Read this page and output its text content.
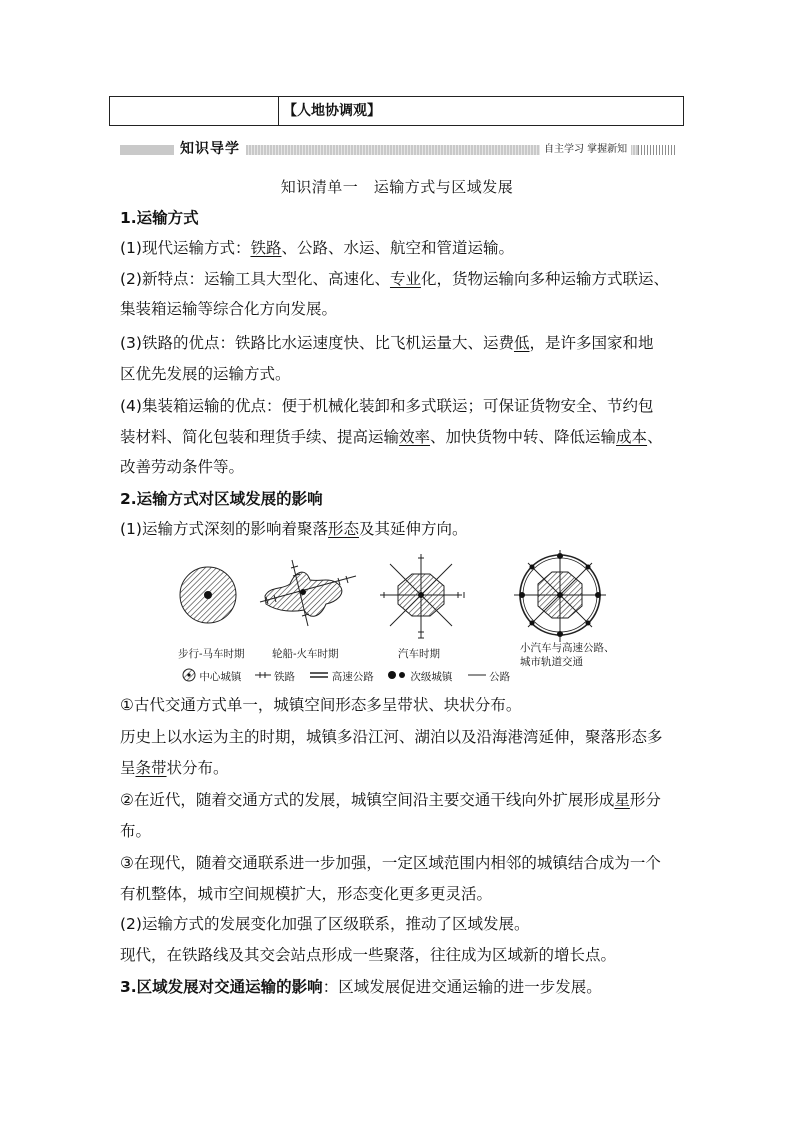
【人地协调观】
知识导学	自主学习 掌握新知
知识清单一　运输方式与区域发展
1.运输方式
(1)现代运输方式：铁路、公路、水运、航空和管道运输。
(2)新特点：运输工具大型化、高速化、专业化，货物运输向多种运输方式联运、
集装箱运输等综合化方向发展。
(3)铁路的优点：铁路比水运速度快、比飞机运量大、运费低，是许多国家和地
区优先发展的运输方式。
(4)集装箱运输的优点：便于机械化装卸和多式联运；可保证货物安全、节约包
装材料、简化包装和理货手续、提高运输效率、加快货物中转、降低运输成本、
改善劳动条件等。
2.运输方式对区域发展的影响
(1)运输方式深刻的影响着聚落形态及其延伸方向。
步行-马车时期	轮船-火车时期	汽车时期	小汽车与高速公路、
城市轨道交通
中心城镇	铁路	高速公路	次级城镇	公路
①古代交通方式单一，城镇空间形态多呈带状、块状分布。
历史上以水运为主的时期，城镇多沿江河、湖泊以及沿海港湾延伸，聚落形态多
呈条带状分布。
②在近代，随着交通方式的发展，城镇空间沿主要交通干线向外扩展形成星形分
布。
③在现代，随着交通联系进一步加强，一定区域范围内相邻的城镇结合成为一个
有机整体，城市空间规模扩大，形态变化更多更灵活。
(2)运输方式的发展变化加强了区级联系，推动了区域发展。
现代，在铁路线及其交会站点形成一些聚落，往往成为区域新的增长点。
3.区域发展对交通运输的影响：区域发展促进交通运输的进一步发展。
